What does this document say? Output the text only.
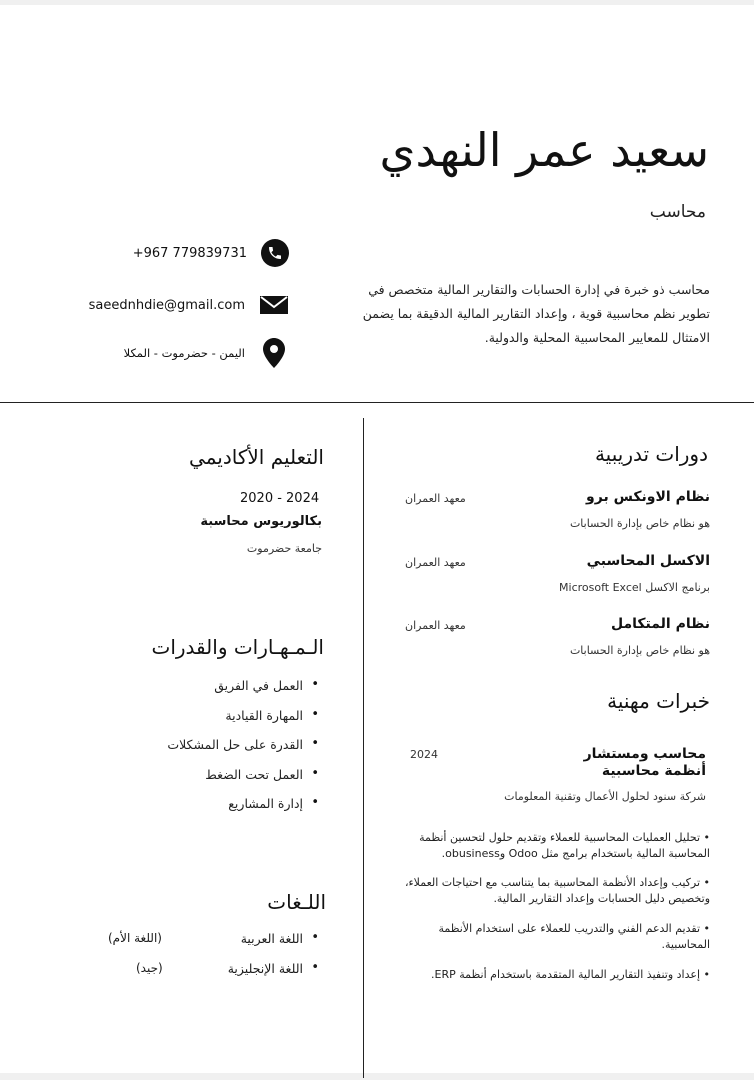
سعيد عمر النهدي
محاسب
محاسب ذو خبرة في إدارة الحسابات والتقارير المالية متخصص في تطوير نظم محاسبية قوية ، وإعداد التقارير المالية الدقيقة بما يضمن الامتثال للمعايير المحاسبية المحلية والدولية.
+967 779839731
saeednhdie@gmail.com
اليمن - حضرموت - المكلا
دورات تدريبية
نظام الاونكس برو
معهد العمران
هو نظام خاص بإدارة الحسابات
الاكسل المحاسبي
معهد العمران
برنامج الاكسل Microsoft Excel
نظام المتكامل
معهد العمران
هو نظام خاص بإدارة الحسابات
خبرات مهنية
محاسب ومستشار
أنظمة محاسبية
2024
شركة سنود لحلول الأعمال وتقنية المعلومات
• تحليل العمليات المحاسبية للعملاء وتقديم حلول لتحسين أنظمة المحاسبة المالية باستخدام برامج مثل Odoo وobusiness.
• تركيب وإعداد الأنظمة المحاسبية بما يتناسب مع احتياجات العملاء، وتخصيص دليل الحسابات وإعداد التقارير المالية.
• تقديم الدعم الفني والتدريب للعملاء على استخدام الأنظمة المحاسبية.
• إعداد وتنفيذ التقارير المالية المتقدمة باستخدام أنظمة ERP.
التعليم الأكاديمي
2020 - 2024
بكالوريوس محاسبة
جامعة حضرموت
الـمـهـارات والقدرات
• العمل في الفريق
• المهارة القيادية
• القدرة على حل المشكلات
• العمل تحت الضغط
• إدارة المشاريع
اللـغات
اللغة العربية •
(اللغة الأم)
اللغة الإنجليزية •
(جيد)
